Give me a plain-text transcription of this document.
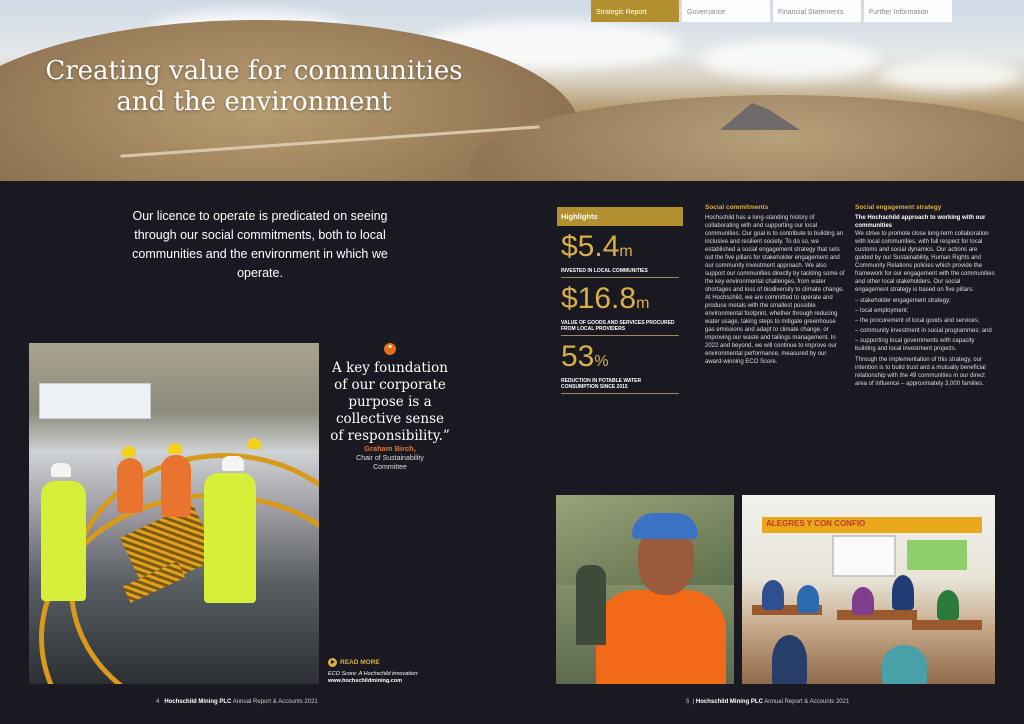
Creating value for communities and the environment
Strategic Report	Governance	Financial Statements	Further Information
Our licence to operate is predicated on seeing through our social commitments, both to local communities and the environment in which we operate.
❝
A key foundation of our corporate purpose is a collective sense of responsibility.”
Graham Birch,
Chair of Sustainability Committee
READ MORE
ECO Score: A Hochschild innovation:
www.hochschildmining.com
4 Hochschild Mining PLC Annual Report & Accounts 2021
Highlights
$5.4m
INVESTED IN LOCAL COMMUNITIES
$16.8m
VALUE OF GOODS AND SERVICES PROCURED FROM LOCAL PROVIDERS
53%
REDUCTION IN POTABLE WATER CONSUMPTION SINCE 2015
Social commitments
Hochschild has a long-standing history of collaborating with and supporting our local communities. Our goal is to contribute to building an inclusive and resilient society. To do so, we established a social engagement strategy that sets out the five pillars for stakeholder engagement and our community investment approach. We also support our communities directly by tackling some of the key environmental challenges, from water shortages and loss of biodiversity to climate change. At Hochschild, we are committed to operate and produce metals with the smallest possible environmental footprint, whether through reducing water usage, taking steps to mitigate greenhouse gas emissions and adapt to climate change, or improving our waste and tailings management. In 2022 and beyond, we will continue to improve our environmental performance, measured by our award-winning ECO Score.
Social engagement strategy
The Hochschild approach to working with our communities
We strive to promote close long-term collaboration with local communities, with full respect for local customs and social dynamics. Our actions are guided by our Sustainability, Human Rights and Community Relations policies which provide the framework for our engagement with the communities and other local stakeholders. Our social engagement strategy is based on five pillars:
– stakeholder engagement strategy;
– local employment;
– the procurement of local goods and services;
– community investment in social programmes; and
– supporting local governments with capacity building and local investment projects.
Through the implementation of this strategy, our intention is to build trust and a mutually beneficial relationship with the 49 communities in our direct area of influence – approximately 3,000 families.
ALEGRES Y CON CONFIO
5  | Hochschild Mining PLC Annual Report & Accounts 2021
